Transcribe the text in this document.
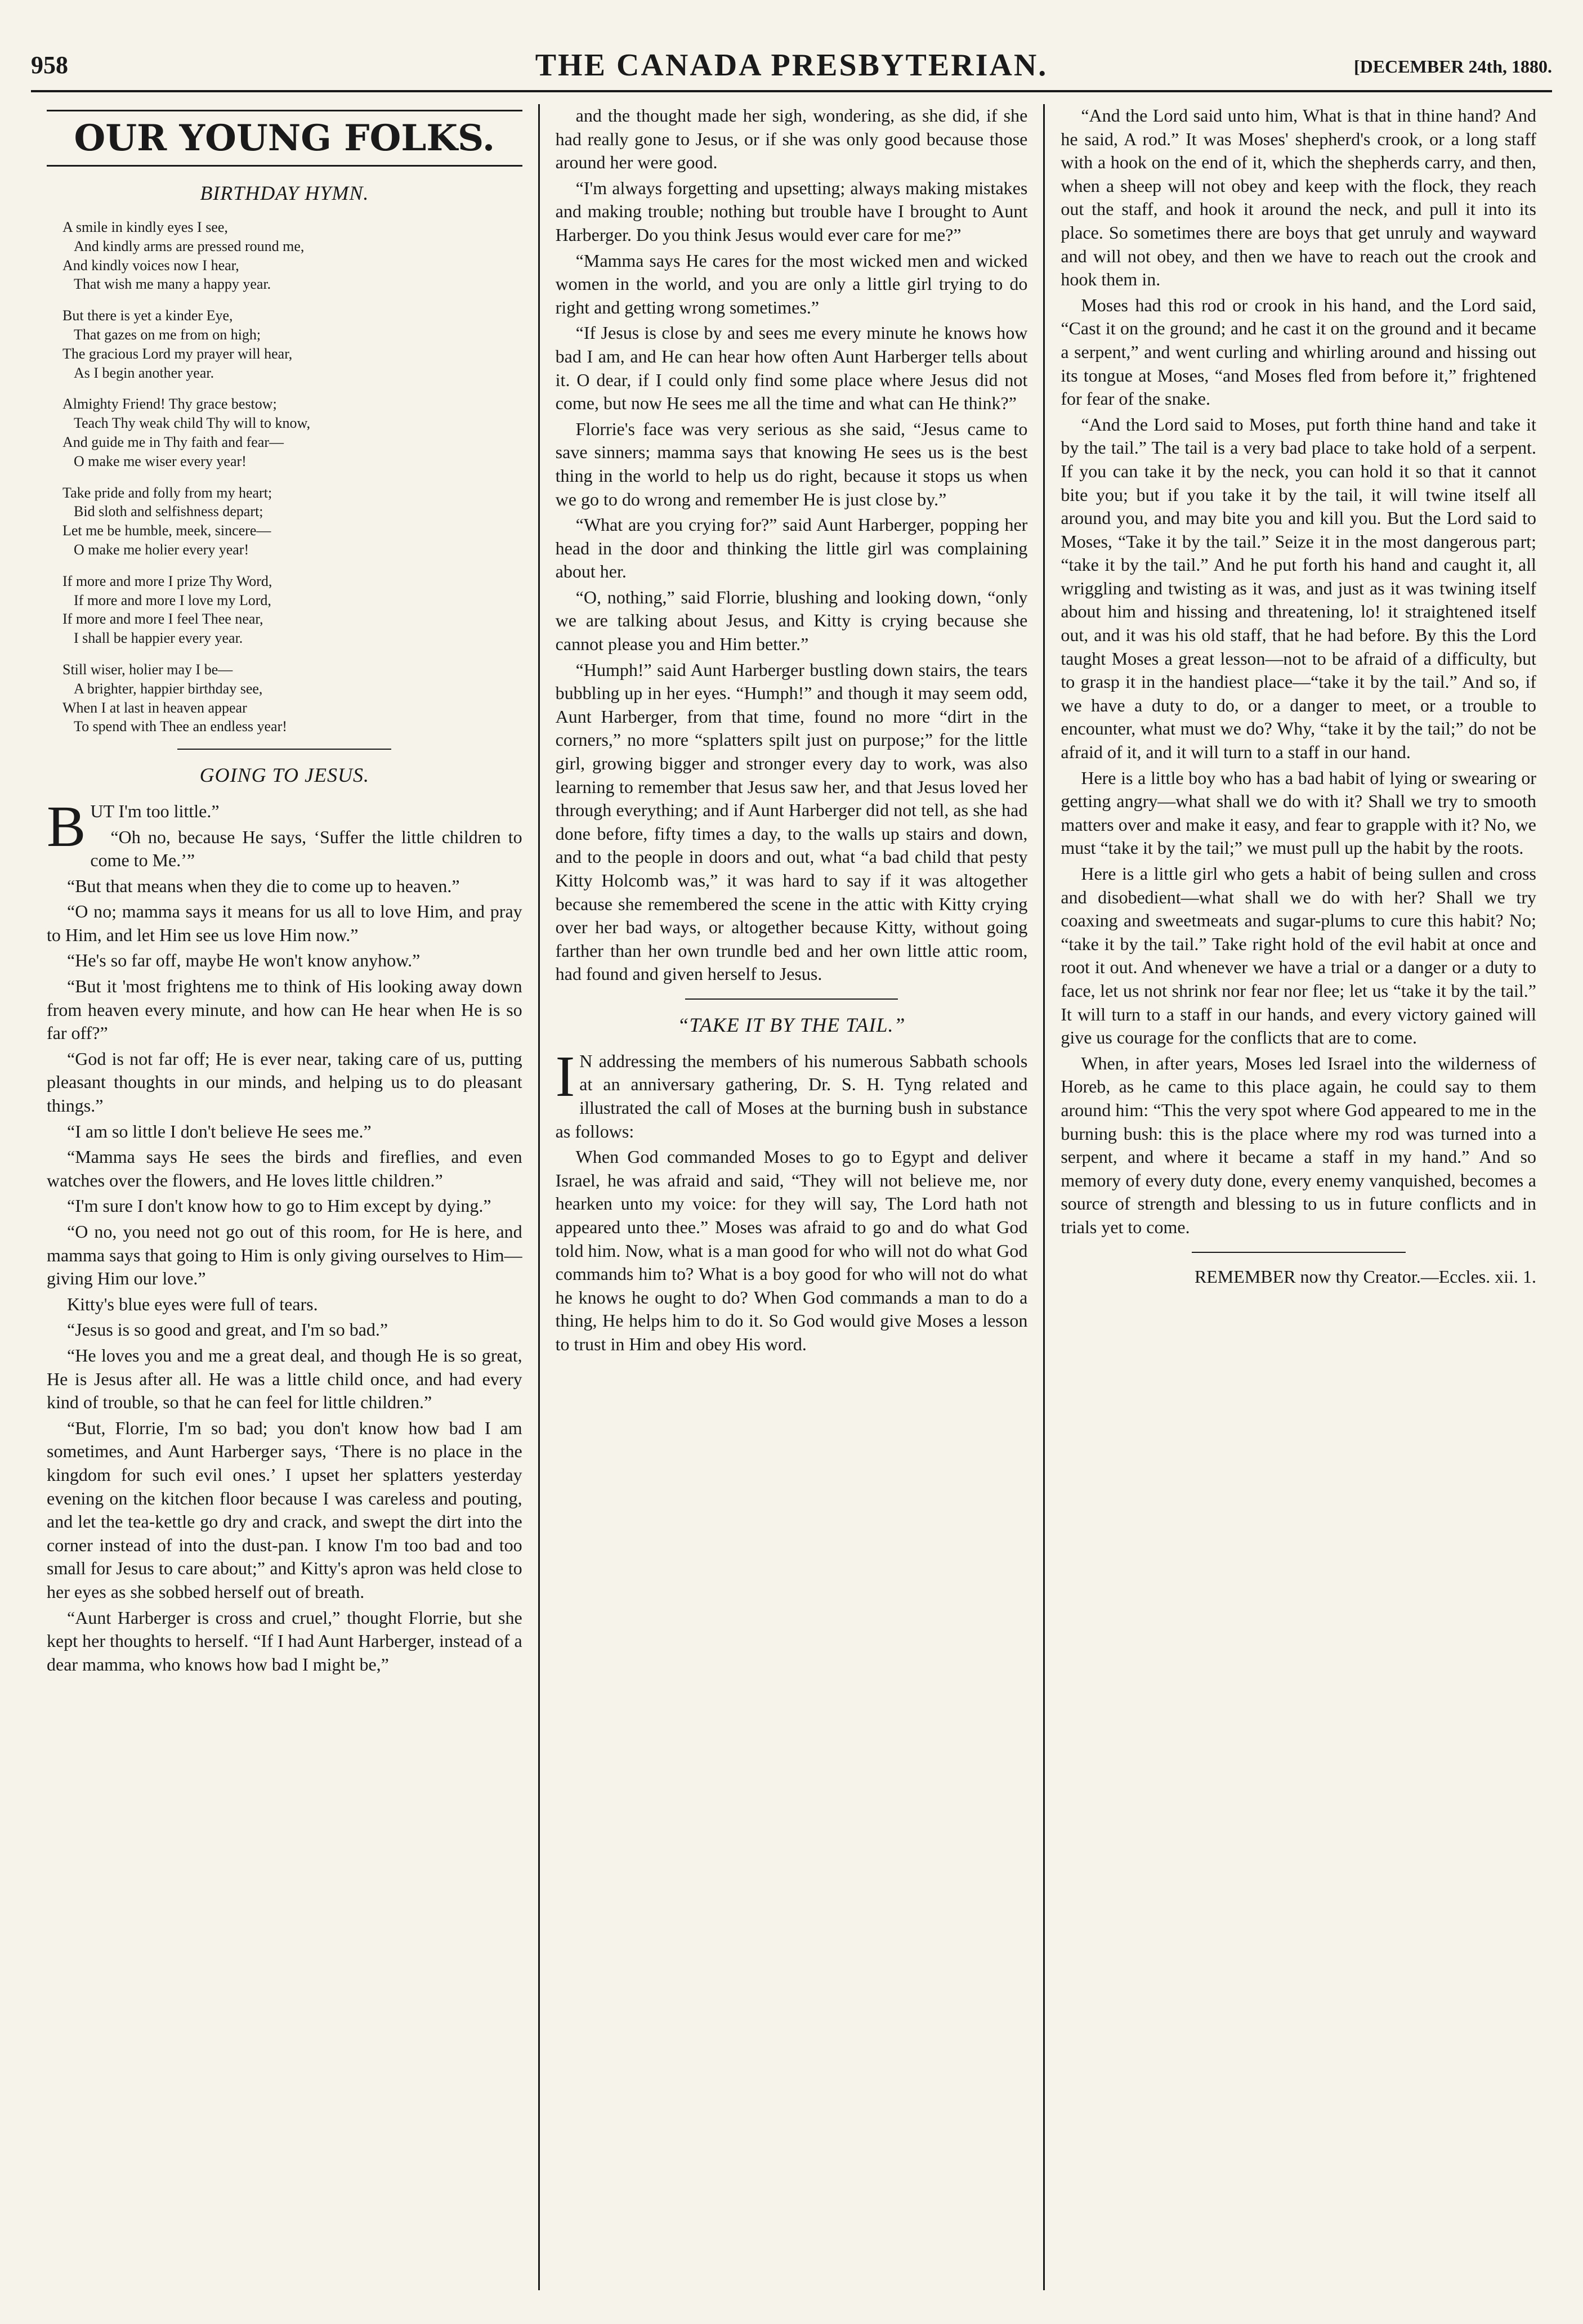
958	THE CANADA PRESBYTERIAN.	[DECEMBER 24th, 1880.
OUR YOUNG FOLKS.
BIRTHDAY HYMN.
A smile in kindly eyes I see,
And kindly arms are pressed round me,
And kindly voices now I hear,
That wish me many a happy year.
But there is yet a kinder Eye,
That gazes on me from on high;
The gracious Lord my prayer will hear,
As I begin another year.
Almighty Friend! Thy grace bestow;
Teach Thy weak child Thy will to know,
And guide me in Thy faith and fear—
O make me wiser every year!
Take pride and folly from my heart;
Bid sloth and selfishness depart;
Let me be humble, meek, sincere—
O make me holier every year!
If more and more I prize Thy Word,
If more and more I love my Lord,
If more and more I feel Thee near,
I shall be happier every year.
Still wiser, holier may I be—
A brighter, happier birthday see,
When I at last in heaven appear
To spend with Thee an endless year!
GOING TO JESUS.

BUT I'm too little.”

“Oh no, because He says, ‘Suffer the little children to come to Me.’”

“But that means when they die to come up to heaven.”

“O no; mamma says it means for us all to love Him, and pray to Him, and let Him see us love Him now.”

“He's so far off, maybe He won't know anyhow.”

“But it 'most frightens me to think of His looking away down from heaven every minute, and how can He hear when He is so far off?”

“God is not far off; He is ever near, taking care of us, putting pleasant thoughts in our minds, and helping us to do pleasant things.”

“I am so little I don't believe He sees me.”

“Mamma says He sees the birds and fireflies, and even watches over the flowers, and He loves little children.”

“I'm sure I don't know how to go to Him except by dying.”

“O no, you need not go out of this room, for He is here, and mamma says that going to Him is only giving ourselves to Him—giving Him our love.”

Kitty's blue eyes were full of tears.

“Jesus is so good and great, and I'm so bad.”

“He loves you and me a great deal, and though He is so great, He is Jesus after all. He was a little child once, and had every kind of trouble, so that he can feel for little children.”

“But, Florrie, I'm so bad; you don't know how bad I am sometimes, and Aunt Harberger says, ‘There is no place in the kingdom for such evil ones.’ I upset her splatters yesterday evening on the kitchen floor because I was careless and pouting, and let the tea-kettle go dry and crack, and swept the dirt into the corner instead of into the dust-pan. I know I'm too bad and too small for Jesus to care about;” and Kitty's apron was held close to her eyes as she sobbed herself out of breath.

“Aunt Harberger is cross and cruel,” thought Florrie, but she kept her thoughts to herself. “If I had Aunt Harberger, instead of a dear mamma, who knows how bad I might be,”

and the thought made her sigh, wondering, as she did, if she had really gone to Jesus, or if she was only good because those around her were good.

“I'm always forgetting and upsetting; always making mistakes and making trouble; nothing but trouble have I brought to Aunt Harberger. Do you think Jesus would ever care for me?”

“Mamma says He cares for the most wicked men and wicked women in the world, and you are only a little girl trying to do right and getting wrong sometimes.”

“If Jesus is close by and sees me every minute he knows how bad I am, and He can hear how often Aunt Harberger tells about it. O dear, if I could only find some place where Jesus did not come, but now He sees me all the time and what can He think?”

Florrie's face was very serious as she said, “Jesus came to save sinners; mamma says that knowing He sees us is the best thing in the world to help us do right, because it stops us when we go to do wrong and remember He is just close by.”

“What are you crying for?” said Aunt Harberger, popping her head in the door and thinking the little girl was complaining about her.

“O, nothing,” said Florrie, blushing and looking down, “only we are talking about Jesus, and Kitty is crying because she cannot please you and Him better.”

“Humph!” said Aunt Harberger bustling down stairs, the tears bubbling up in her eyes. “Humph!” and though it may seem odd, Aunt Harberger, from that time, found no more “dirt in the corners,” no more “splatters spilt just on purpose;” for the little girl, growing bigger and stronger every day to work, was also learning to remember that Jesus saw her, and that Jesus loved her through everything; and if Aunt Harberger did not tell, as she had done before, fifty times a day, to the walls up stairs and down, and to the people in doors and out, what “a bad child that pesty Kitty Holcomb was,” it was hard to say if it was altogether because she remembered the scene in the attic with Kitty crying over her bad ways, or altogether because Kitty, without going farther than her own trundle bed and her own little attic room, had found and given herself to Jesus.

“TAKE IT BY THE TAIL.”

I N addressing the members of his numerous Sabbath schools at an anniversary gathering, Dr. S. H. Tyng related and illustrated the call of Moses at the burning bush in substance as follows:

When God commanded Moses to go to Egypt and deliver Israel, he was afraid and said, “They will not believe me, nor hearken unto my voice: for they will say, The Lord hath not appeared unto thee.” Moses was afraid to go and do what God told him. Now, what is a man good for who will not do what God commands him to? What is a boy good for who will not do what he knows he ought to do? When God commands a man to do a thing, He helps him to do it. So God would give Moses a lesson to trust in Him and obey His word.

“And the Lord said unto him, What is that in thine hand? And he said, A rod.” It was Moses' shepherd's crook, or a long staff with a hook on the end of it, which the shepherds carry, and then, when a sheep will not obey and keep with the flock, they reach out the staff, and hook it around the neck, and pull it into its place. So sometimes there are boys that get unruly and wayward and will not obey, and then we have to reach out the crook and hook them in.

Moses had this rod or crook in his hand, and the Lord said, “Cast it on the ground; and he cast it on the ground and it became a serpent,” and went curling and whirling around and hissing out its tongue at Moses, “and Moses fled from before it,” frightened for fear of the snake.

“And the Lord said to Moses, put forth thine hand and take it by the tail.” The tail is a very bad place to take hold of a serpent. If you can take it by the neck, you can hold it so that it cannot bite you; but if you take it by the tail, it will twine itself all around you, and may bite you and kill you. But the Lord said to Moses, “Take it by the tail.” Seize it in the most dangerous part; “take it by the tail.” And he put forth his hand and caught it, all wriggling and twisting as it was, and just as it was twining itself about him and hissing and threatening, lo! it straightened itself out, and it was his old staff, that he had before. By this the Lord taught Moses a great lesson—not to be afraid of a difficulty, but to grasp it in the handiest place—“take it by the tail.” And so, if we have a duty to do, or a danger to meet, or a trouble to encounter, what must we do? Why, “take it by the tail;” do not be afraid of it, and it will turn to a staff in our hand.

Here is a little boy who has a bad habit of lying or swearing or getting angry—what shall we do with it? Shall we try to smooth matters over and make it easy, and fear to grapple with it? No, we must “take it by the tail;” we must pull up the habit by the roots.

Here is a little girl who gets a habit of being sullen and cross and disobedient—what shall we do with her? Shall we try coaxing and sweetmeats and sugar-plums to cure this habit? No; “take it by the tail.” Take right hold of the evil habit at once and root it out. And whenever we have a trial or a danger or a duty to face, let us not shrink nor fear nor flee; let us “take it by the tail.” It will turn to a staff in our hands, and every victory gained will give us courage for the conflicts that are to come.

When, in after years, Moses led Israel into the wilderness of Horeb, as he came to this place again, he could say to them around him: “This the very spot where God appeared to me in the burning bush: this is the place where my rod was turned into a serpent, and where it became a staff in my hand.” And so memory of every duty done, every enemy vanquished, becomes a source of strength and blessing to us in future conflicts and in trials yet to come.

REMEMBER now thy Creator.—Eccles. xii. 1.
